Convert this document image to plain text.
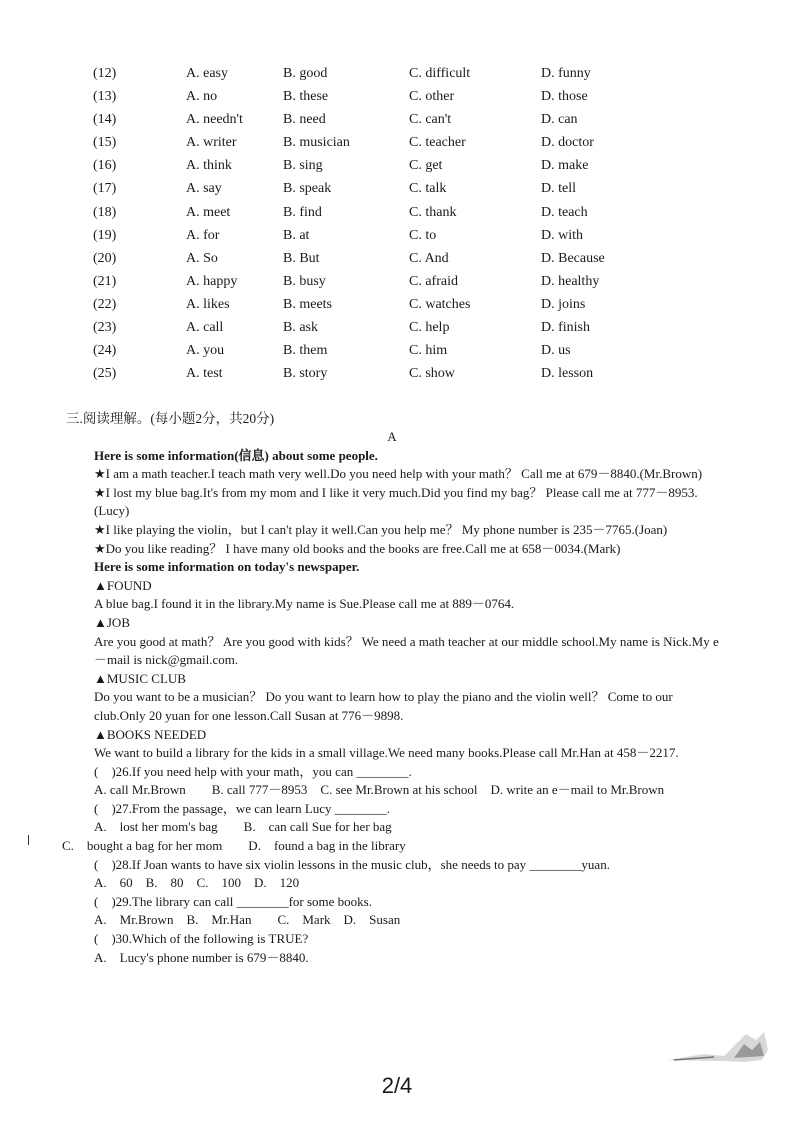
(12)	A. easy	B. good	C. difficult	D. funny
(13)	A. no	B. these	C. other	D. those
(14)	A. needn't	B. need	C. can't	D. can
(15)	A. writer	B. musician	C. teacher	D. doctor
(16)	A. think	B. sing	C. get	D. make
(17)	A. say	B. speak	C. talk	D. tell
(18)	A. meet	B. find	C. thank	D. teach
(19)	A. for	B. at	C. to	D. with
(20)	A. So	B. But	C. And	D. Because
(21)	A. happy	B. busy	C. afraid	D. healthy
(22)	A. likes	B. meets	C. watches	D. joins
(23)	A. call	B. ask	C. help	D. finish
(24)	A. you	B. them	C. him	D. us
(25)	A. test	B. story	C. show	D. lesson
三.阅读理解。(每小题2分，共20分)

A

Here is some information(信息) about some people.

★I am a math teacher.I teach math very well.Do you need help with your math？ Call me at 679－8840.(Mr.Brown)

★I lost my blue bag.It's from my mom and I like it very much.Did you find my bag？ Please call me at 777－8953.(Lucy)

★I like playing the violin，but I can't play it well.Can you help me？ My phone number is 235－7765.(Joan)

★Do you like reading？ I have many old books and the books are free.Call me at 658－0034.(Mark)

Here is some information on today's newspaper.

▲FOUND

A blue bag.I found it in the library.My name is Sue.Please call me at 889－0764.

▲JOB

Are you good at math？ Are you good with kids？ We need a math teacher at our middle school.My name is Nick.My e－mail is nick@gmail.com.

▲MUSIC CLUB

Do you want to be a musician？ Do you want to learn how to play the piano and the violin well？ Come to our club.Only 20 yuan for one lesson.Call Susan at 776－9898.

▲BOOKS NEEDED

We want to build a library for the kids in a small village.We need many books.Please call Mr.Han at 458－2217.

(　)26.If you need help with your math，you can ________.

A. call Mr.Brown　　B. call 777－8953　C. see Mr.Brown at his school　D. write an e－mail to Mr.Brown

(　)27.From the passage，we can learn Lucy ________.

A.　lost her mom's bag　　B.　can call Sue for her bag

C.　bought a bag for her mom　　D.　found a bag in the library

(　)28.If Joan wants to have six violin lessons in the music club，she needs to pay ________yuan.

A.　60　B.　80　C.　100　D.　120

(　)29.The library can call ________for some books.

A.　Mr.Brown　B.　Mr.Han　　C.　Mark　D.　Susan

(　)30.Which of the following is TRUE?

A.　Lucy's phone number is 679－8840.

2/4
